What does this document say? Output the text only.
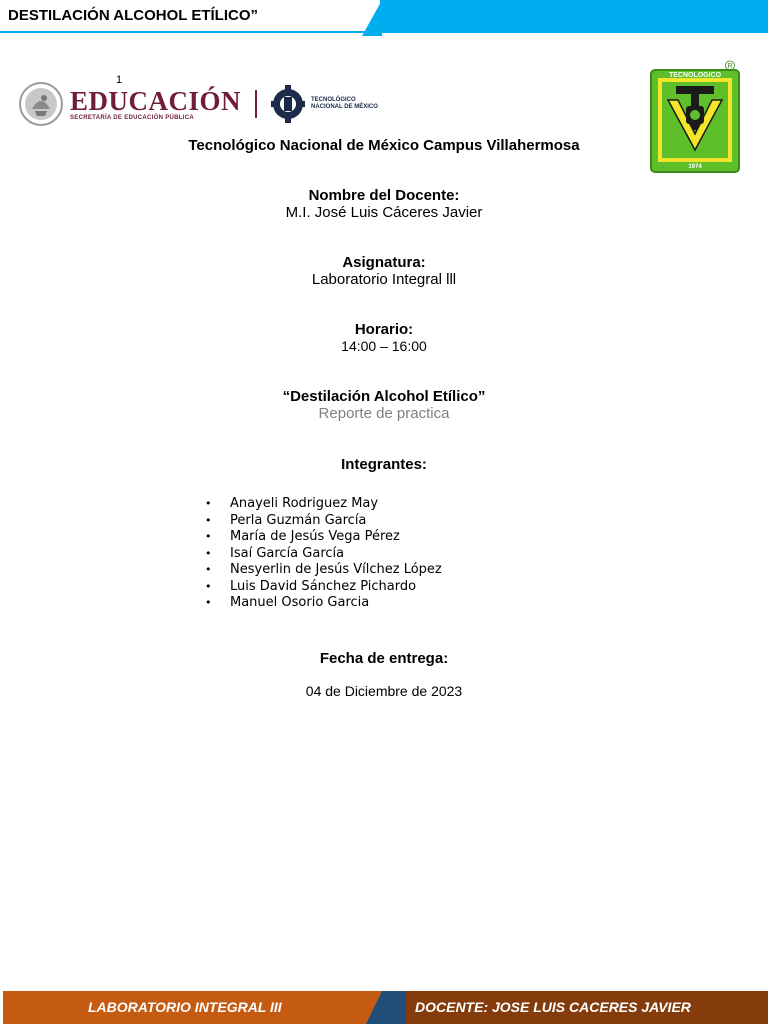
DESTILACIÓN ALCOHOL ETÍLICO”
1
EDUCACIÓN
SECRETARÍA DE EDUCACIÓN PÚBLICA
TECNOLÓGICO
NACIONAL DE MÉXICO
TECNOLOGICO
1974
R
Tecnológico Nacional de México Campus Villahermosa
Nombre del Docente:
M.I. José Luis Cáceres Javier
Asignatura:
Laboratorio Integral lll
Horario:
14:00 – 16:00
“Destilación Alcohol Etílico”
Reporte de practica
Integrantes:
• Anayeli Rodriguez May
• Perla Guzmán García
• María de Jesús Vega Pérez
• Isaí García García
• Nesyerlin de Jesús Vílchez López
• Luis David Sánchez Pichardo
• Manuel Osorio Garcia
Fecha de entrega:
04 de Diciembre de 2023
LABORATORIO INTEGRAL III	DOCENTE: JOSE LUIS CACERES JAVIER
